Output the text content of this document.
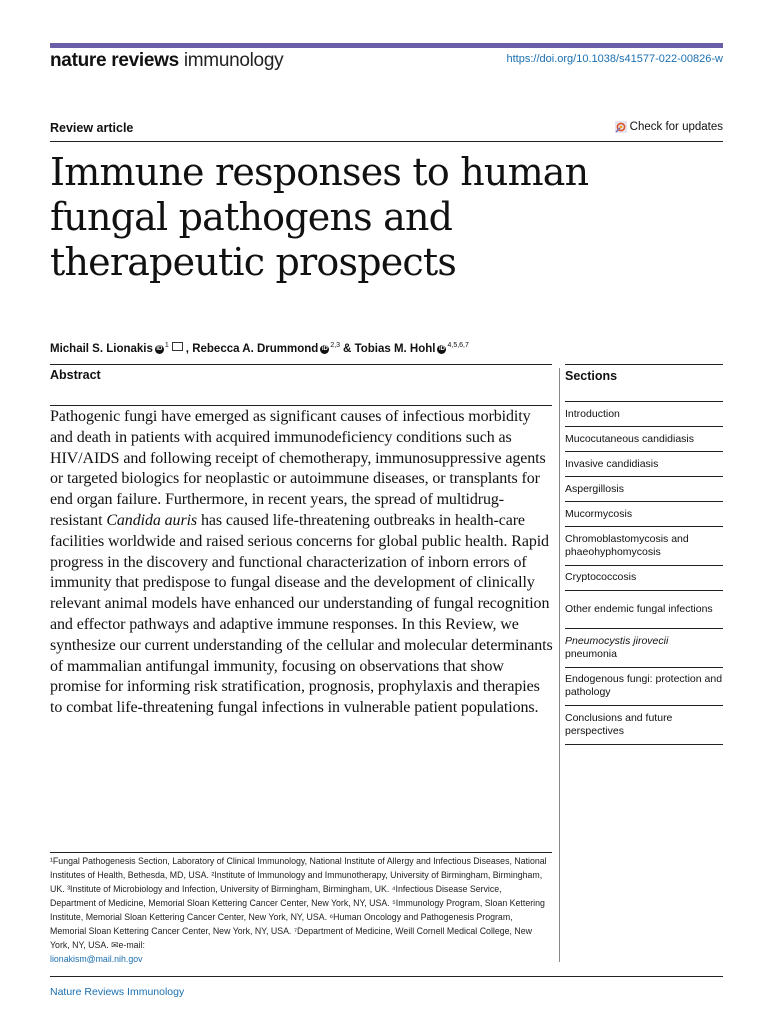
nature reviews immunology	https://doi.org/10.1038/s41577-022-00826-w
Review article	Check for updates
Immune responses to human fungal pathogens and therapeutic prospects
Michail S. Lionakis iD $^1$ ,
Rebecca A. Drummond iD $^{2,3}$ &
Tobias M. Hohl iD $^{4,5,6,7}$
Abstract

Pathogenic fungi have emerged as significant causes of infectious morbidity and death in patients with acquired immunodeficiency conditions such as HIV/AIDS and following receipt of chemotherapy, immunosuppressive agents or targeted biologics for neoplastic or autoimmune diseases, or transplants for end organ failure. Furthermore, in recent years, the spread of multidrug-resistant Candida auris has caused life-threatening outbreaks in health-care facilities worldwide and raised serious concerns for global public health. Rapid progress in the discovery and functional characterization of inborn errors of immunity that predispose to fungal disease and the development of clinically relevant animal models have enhanced our understanding of fungal recognition and effector pathways and adaptive immune responses. In this Review, we synthesize our current understanding of the cellular and molecular determinants of mammalian antifungal immunity, focusing on observations that show promise for informing risk stratification, prognosis, prophylaxis and therapies to combat life-threatening fungal infections in vulnerable patient populations.

¹Fungal Pathogenesis Section, Laboratory of Clinical Immunology, National Institute of Allergy and Infectious Diseases, National Institutes of Health, Bethesda, MD, USA. ²Institute of Immunology and Immunotherapy, University of Birmingham, Birmingham, UK. ³Institute of Microbiology and Infection, University of Birmingham, Birmingham, UK. ⁴Infectious Disease Service, Department of Medicine, Memorial Sloan Kettering Cancer Center, New York, NY, USA. ⁵Immunology Program, Sloan Kettering Institute, Memorial Sloan Kettering Cancer Center, New York, NY, USA. ⁶Human Oncology and Pathogenesis Program, Memorial Sloan Kettering Cancer Center, New York, NY, USA. ⁷Department of Medicine, Weill Cornell Medical College, New York, NY, USA. ✉e-mail:
lionakism@mail.nih.gov

Sections
Introduction
Mucocutaneous candidiasis
Invasive candidiasis
Aspergillosis
Mucormycosis
Chromoblastomycosis and phaeohyphomycosis
Cryptococcosis
Other endemic fungal infections
Pneumocystis jirovecii pneumonia
Endogenous fungi: protection and pathology
Conclusions and future perspectives
Nature Reviews Immunology
